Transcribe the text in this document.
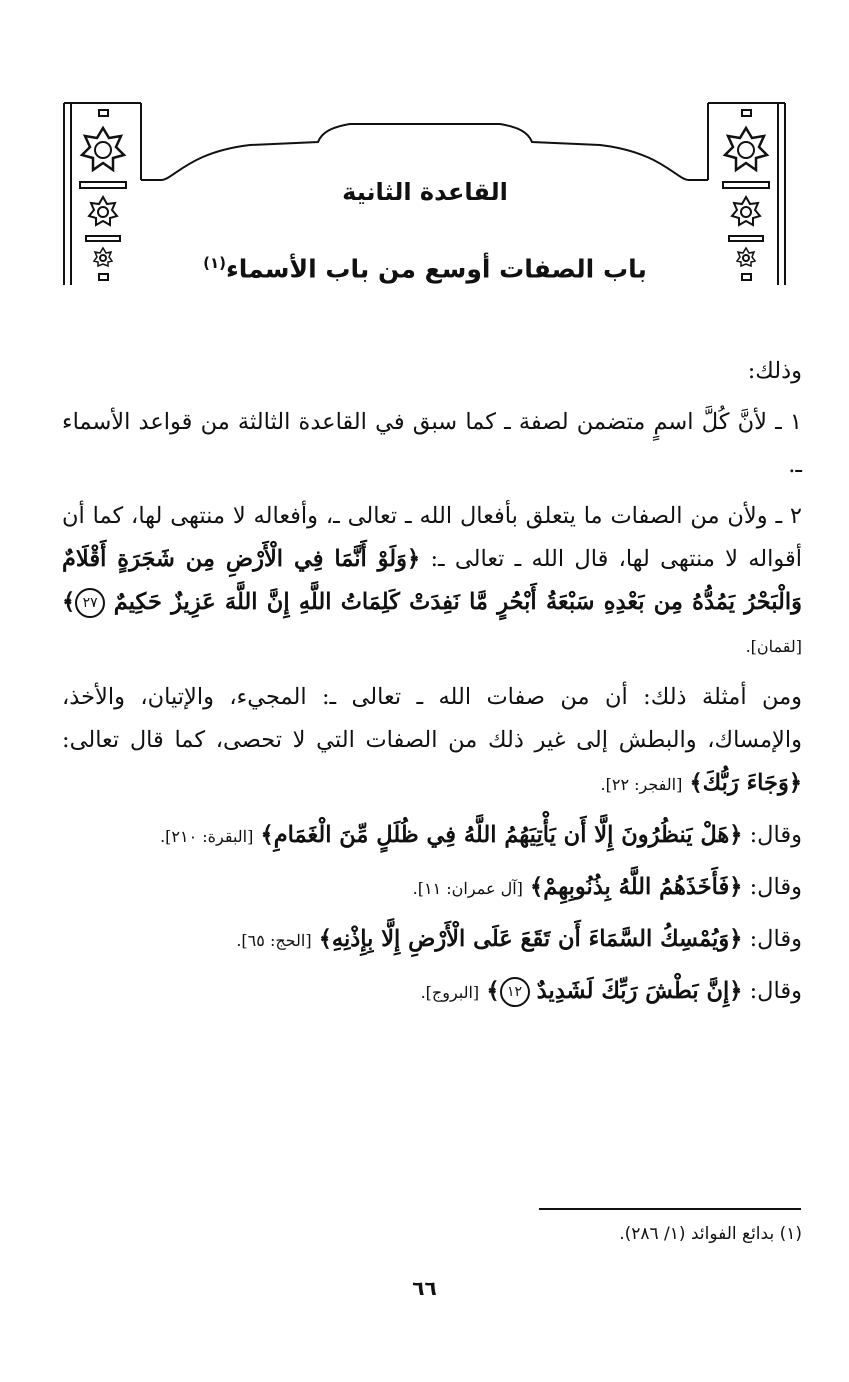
القاعدة الثانية
باب الصفات أوسع من باب الأسماء$^{(١)}$

وذلك:

١ ـ لأنَّ كُلَّ اسمٍ متضمن لصفة ـ كما سبق في القاعدة الثالثة من قواعد الأسماء ـ.

٢ ـ ولأن من الصفات ما يتعلق بأفعال الله ـ تعالى ـ، وأفعاله لا منتهى لها، كما أن أقواله لا منتهى لها، قال الله ـ تعالى ـ: ﴿وَلَوْ أَنَّمَا فِي الْأَرْضِ مِن شَجَرَةٍ أَقْلَامٌ وَالْبَحْرُ يَمُدُّهُ مِن بَعْدِهِ سَبْعَةُ أَبْحُرٍ مَّا نَفِدَتْ كَلِمَاتُ اللَّهِ إِنَّ اللَّهَ عَزِيزٌ حَكِيمٌ ٢٧﴾ [لقمان].

ومن أمثلة ذلك: أن من صفات الله ـ تعالى ـ: المجيء، والإتيان، والأخذ، والإمساك، والبطش إلى غير ذلك من الصفات التي لا تحصى، كما قال تعالى: ﴿وَجَاءَ رَبُّكَ﴾ [الفجر: ٢٢].

وقال: ﴿هَلْ يَنظُرُونَ إِلَّا أَن يَأْتِيَهُمُ اللَّهُ فِي ظُلَلٍ مِّنَ الْغَمَامِ﴾ [البقرة: ٢١٠].

وقال: ﴿فَأَخَذَهُمُ اللَّهُ بِذُنُوبِهِمْ﴾ [آل عمران: ١١].

وقال: ﴿وَيُمْسِكُ السَّمَاءَ أَن تَقَعَ عَلَى الْأَرْضِ إِلَّا بِإِذْنِهِ﴾ [الحج: ٦٥].

وقال: ﴿إِنَّ بَطْشَ رَبِّكَ لَشَدِيدٌ ١٢﴾ [البروج].

(١) بدائع الفوائد (١/ ٢٨٦).
٦٦
